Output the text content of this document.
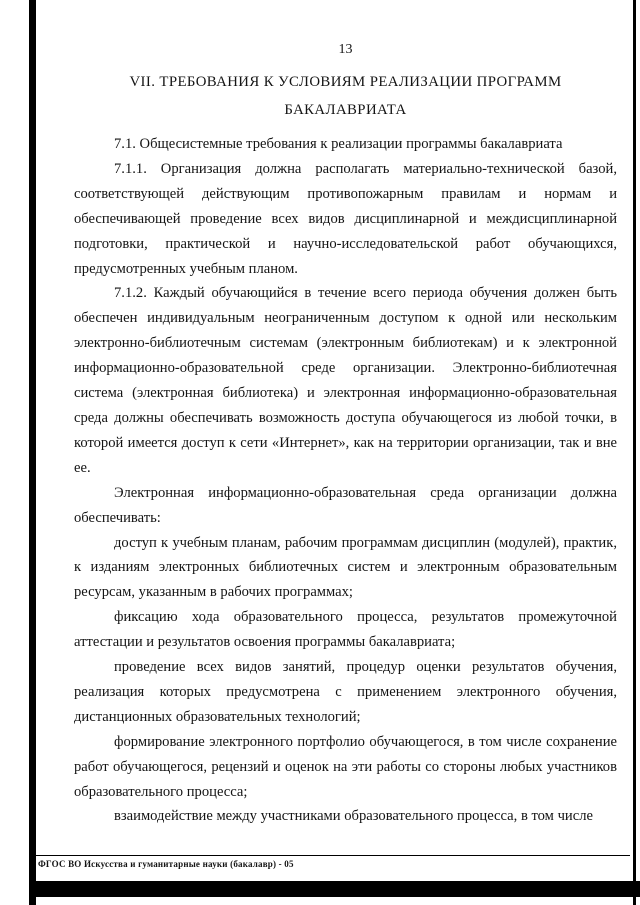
13
VII. ТРЕБОВАНИЯ К УСЛОВИЯМ РЕАЛИЗАЦИИ ПРОГРАММ
БАКАЛАВРИАТА

7.1. Общесистемные требования к реализации программы бакалавриата

7.1.1. Организация должна располагать материально-технической базой, соответствующей действующим противопожарным правилам и нормам и обеспечивающей проведение всех видов дисциплинарной и междисциплинарной подготовки, практической и научно-исследовательской работ обучающихся, предусмотренных учебным планом.

7.1.2. Каждый обучающийся в течение всего периода обучения должен быть обеспечен индивидуальным неограниченным доступом к одной или нескольким электронно-библиотечным системам (электронным библиотекам) и к электронной информационно-образовательной среде организации. Электронно-библиотечная система (электронная библиотека) и электронная информационно-образовательная среда должны обеспечивать возможность доступа обучающегося из любой точки, в которой имеется доступ к сети «Интернет», как на территории организации, так и вне ее.

Электронная информационно-образовательная среда организации должна обеспечивать:

доступ к учебным планам, рабочим программам дисциплин (модулей), практик, к изданиям электронных библиотечных систем и электронным образовательным ресурсам, указанным в рабочих программах;

фиксацию хода образовательного процесса, результатов промежуточной аттестации и результатов освоения программы бакалавриата;

проведение всех видов занятий, процедур оценки результатов обучения, реализация которых предусмотрена с применением электронного обучения, дистанционных образовательных технологий;

формирование электронного портфолио обучающегося, в том числе сохранение работ обучающегося, рецензий и оценок на эти работы со стороны любых участников образовательного процесса;

взаимодействие между участниками образовательного процесса, в том числе

ФГОС ВО Искусства и гуманитарные науки (бакалавр) - 05
